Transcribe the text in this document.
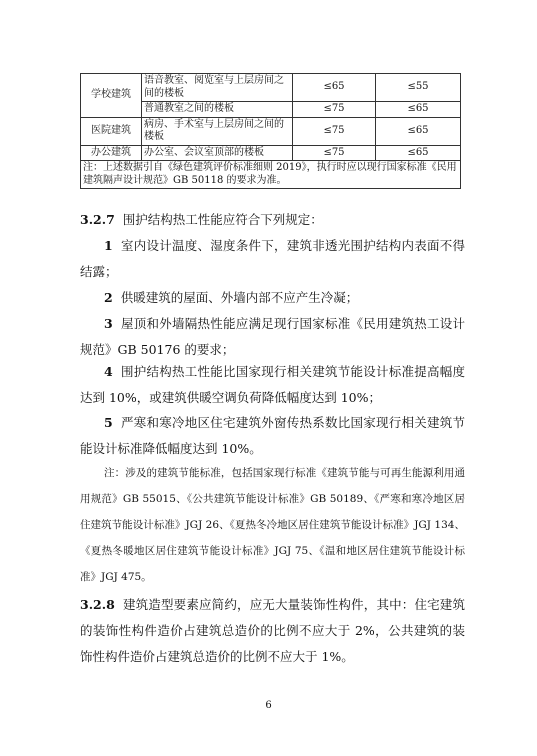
学校建筑	语音教室、阅览室与上层房间之间的楼板	≤65	≤55
	普通教室之间的楼板	≤75	≤65
医院建筑	病房、手术室与上层房间之间的楼板	≤75	≤65
办公建筑	办公室、会议室顶部的楼板	≤75	≤65
注：上述数据引自《绿色建筑评价标准细则 2019》，执行时应以现行国家标准《民用建筑隔声设计规范》GB 50118 的要求为准。			
3.2.7 围护结构热工性能应符合下列规定：
1 室内设计温度、湿度条件下，建筑非透光围护结构内表面不得结露；
2 供暖建筑的屋面、外墙内部不应产生冷凝；
3 屋顶和外墙隔热性能应满足现行国家标准《民用建筑热工设计规范》GB 50176 的要求；
4 围护结构热工性能比国家现行相关建筑节能设计标准提高幅度达到 10%，或建筑供暖空调负荷降低幅度达到 10%；
5 严寒和寒冷地区住宅建筑外窗传热系数比国家现行相关建筑节能设计标准降低幅度达到 10%。
注：涉及的建筑节能标准，包括国家现行标准《建筑节能与可再生能源利用通用规范》GB 55015、《公共建筑节能设计标准》GB 50189、《严寒和寒冷地区居住建筑节能设计标准》JGJ 26、《夏热冬冷地区居住建筑节能设计标准》JGJ 134、《夏热冬暖地区居住建筑节能设计标准》JGJ 75、《温和地区居住建筑节能设计标准》JGJ 475。
3.2.8 建筑造型要素应简约，应无大量装饰性构件，其中：住宅建筑的装饰性构件造价占建筑总造价的比例不应大于 2%，公共建筑的装饰性构件造价占建筑总造价的比例不应大于 1%。
6
